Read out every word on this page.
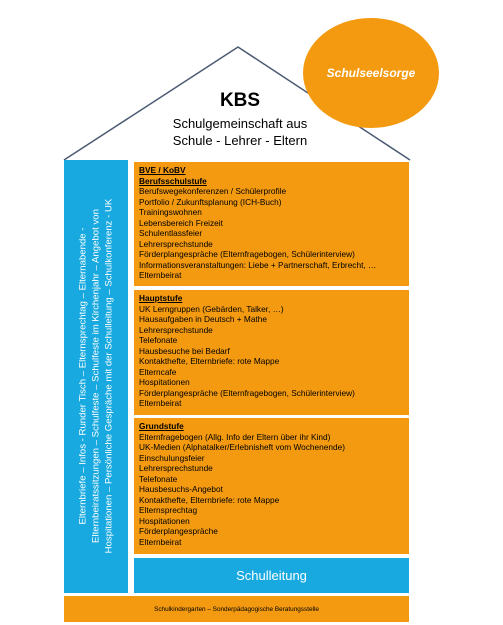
Schulseelsorge
KBS
Schulgemeinschaft aus
Schule - Lehrer - Eltern
Elternbriefe – Infos - Runder Tisch – Elternsprechtag – Elternabende - Elternbeiratssitzungen – Schulfeste – Schulfeste im Kirchenjahr – Angebot von Hospitationen – Persönliche Gespräche mit der Schulleitung – Schulkonferenz - UK
BVE / KoBV
Berufsschulstufe
Berufswegekonferenzen / Schülerprofile
Portfolio / Zukunftsplanung (ICH-Buch)
Trainingswohnen
Lebensbereich Freizeit
Schulentlassfeier
Lehrersprechstunde
Förderplangespräche (Elternfragebogen, Schülerinterview)
Informationsveranstaltungen: Liebe + Partnerschaft, Erbrecht, …
Elternbeirat
Hauptstufe
UK Lerngruppen (Gebärden, Talker, …)
Hausaufgaben in Deutsch + Mathe
Lehrersprechstunde
Telefonate
Hausbesuche bei Bedarf
Kontakthefte, Elternbriefe: rote Mappe
Elterncafe
Hospitationen
Förderplangespräche (Elternfragebogen, Schülerinterview)
Elternbeirat
Grundstufe
Elternfragebogen (Allg. Info der Eltern über ihr Kind)
UK-Medien (Alphatalker/Erlebnisheft vom Wochenende)
Einschulungsfeier
Lehrersprechstunde
Telefonate
Hausbesuchs-Angebot
Kontakthefte, Elternbriefe: rote Mappe
Elternsprechtag
Hospitationen
Förderplangespräche
Elternbeirat
Schulleitung
Schulkindergarten – Sonderpädagogische Beratungsstelle
